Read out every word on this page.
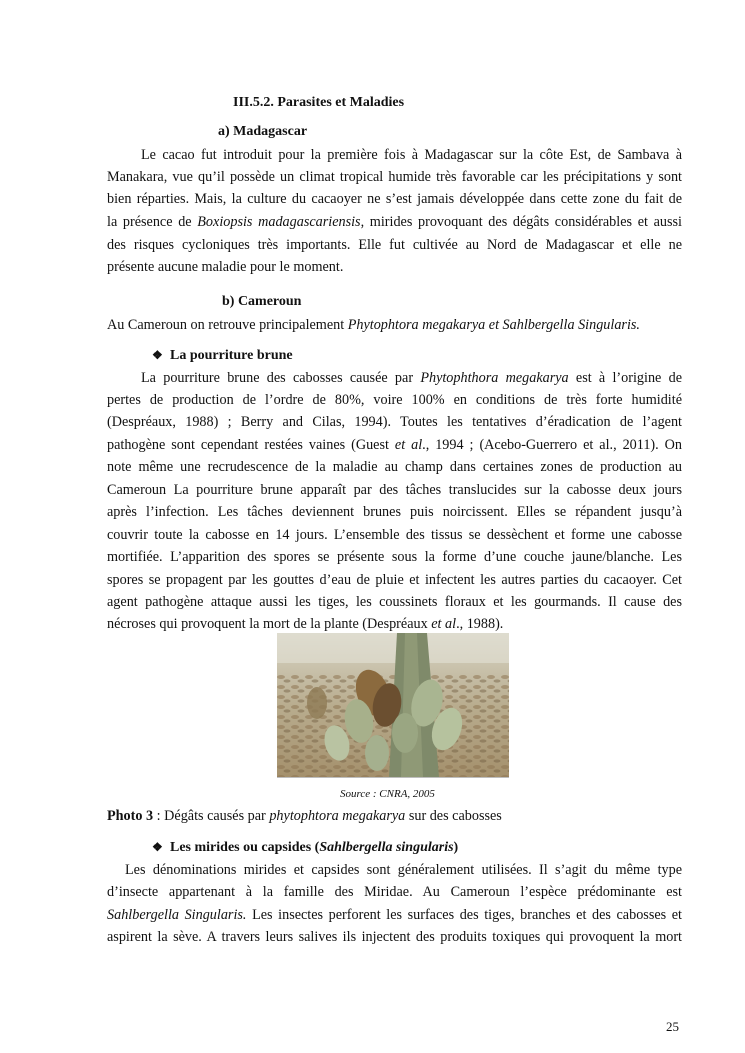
III.5.2. Parasites et Maladies
a) Madagascar
Le cacao fut introduit pour la première fois à Madagascar sur la côte Est, de Sambava à
Manakara, vue qu’il possède un climat tropical humide très favorable car les précipitations y sont
bien réparties. Mais, la culture du cacaoyer ne s’est jamais développée dans cette zone du fait de
la présence de Boxiopsis madagascariensis, mirides provoquant des dégâts considérables et aussi
des risques cycloniques très importants. Elle fut cultivée au Nord de Madagascar et elle ne
présente aucune maladie pour le moment.
b) Cameroun
Au Cameroun on retrouve principalement Phytophtora megakarya et Sahlbergella Singularis.
❖ La pourriture brune
La pourriture brune des cabosses causée par Phytophthora megakarya est à l’origine de
pertes de production de l’ordre de 80%, voire 100% en conditions de très forte humidité
(Despréaux, 1988) ; Berry and Cilas, 1994). Toutes les tentatives d’éradication de l’agent
pathogène sont cependant restées vaines (Guest et al., 1994 ; (Acebo-Guerrero et al., 2011). On
note même une recrudescence de la maladie au champ dans certaines zones de production au
Cameroun La pourriture brune apparaît par des tâches translucides sur la cabosse deux jours
après l’infection. Les tâches deviennent brunes puis noircissent. Elles se répandent jusqu’à
couvrir toute la cabosse en 14 jours. L’ensemble des tissus se dessèchent et forme une cabosse
mortifiée. L’apparition des spores se présente sous la forme d’une couche jaune/blanche. Les
spores se propagent par les gouttes d’eau de pluie et infectent les autres parties du cacaoyer. Cet
agent pathogène attaque aussi les tiges, les coussinets floraux et les gourmands. Il cause des
nécroses qui provoquent la mort de la plante (Despréaux et al., 1988).
Source : CNRA, 2005
Photo 3 : Dégâts causés par phytophtora megakarya sur des cabosses
❖ Les mirides ou capsides (Sahlbergella singularis)
Les dénominations mirides et capsides sont généralement utilisées. Il s’agit du même type
d’insecte appartenant à la famille des Miridae. Au Cameroun l’espèce prédominante est
Sahlbergella Singularis. Les insectes perforent les surfaces des tiges, branches et des cabosses et
aspirent la sève. A travers leurs salives ils injectent des produits toxiques qui provoquent la mort
25
